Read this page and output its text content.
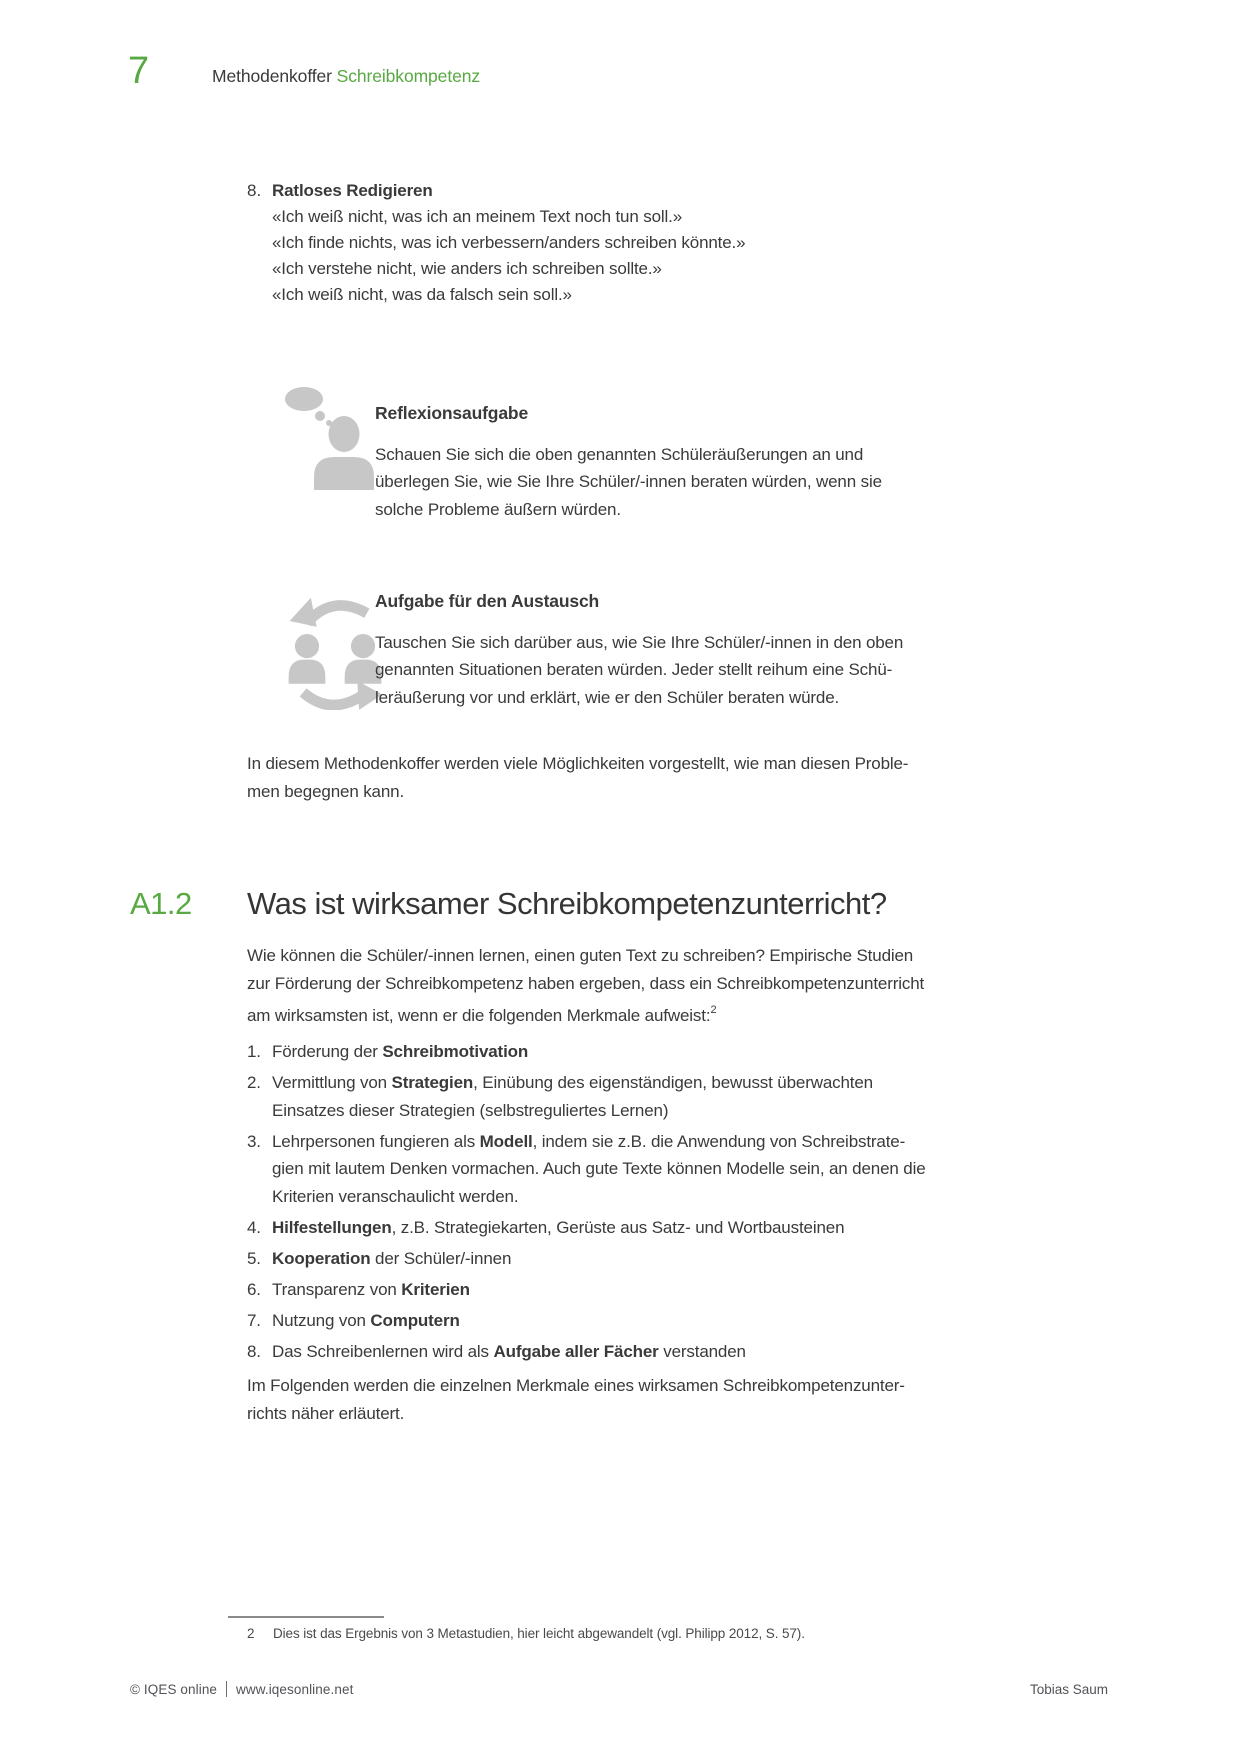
7	Methodenkoffer Schreibkompetenz
8. Ratloses Redigieren
«Ich weiß nicht, was ich an meinem Text noch tun soll.»
«Ich finde nichts, was ich verbessern/anders schreiben könnte.»
«Ich verstehe nicht, wie anders ich schreiben sollte.»
«Ich weiß nicht, was da falsch sein soll.»
Reflexionsaufgabe
Schauen Sie sich die oben genannten Schüleräußerungen an und
überlegen Sie, wie Sie Ihre Schüler/-innen beraten würden, wenn sie
solche Probleme äußern würden.
Aufgabe für den Austausch
Tauschen Sie sich darüber aus, wie Sie Ihre Schüler/-innen in den oben
genannten Situationen beraten würden. Jeder stellt reihum eine Schü-
leräußerung vor und erklärt, wie er den Schüler beraten würde.
In diesem Methodenkoffer werden viele Möglichkeiten vorgestellt, wie man diesen Proble-
men begegnen kann.
A1.2 Was ist wirksamer Schreibkompetenzunterricht?
Wie können die Schüler/-innen lernen, einen guten Text zu schreiben? Empirische Studien
zur Förderung der Schreibkompetenz haben ergeben, dass ein Schreibkompetenzunterricht
am wirksamsten ist, wenn er die folgenden Merkmale aufweist:$^2$
1. Förderung der Schreibmotivation
2. Vermittlung von Strategien, Einübung des eigenständigen, bewusst überwachten
Einsatzes dieser Strategien (selbstreguliertes Lernen)
3. Lehrpersonen fungieren als Modell, indem sie z.B. die Anwendung von Schreibstrate-
gien mit lautem Denken vormachen. Auch gute Texte können Modelle sein, an denen die
Kriterien veranschaulicht werden.
4. Hilfestellungen, z.B. Strategiekarten, Gerüste aus Satz- und Wortbausteinen
5. Kooperation der Schüler/-innen
6. Transparenz von Kriterien
7. Nutzung von Computern
8. Das Schreibenlernen wird als Aufgabe aller Fächer verstanden
Im Folgenden werden die einzelnen Merkmale eines wirksamen Schreibkompetenzunter-
richts näher erläutert.
2	Dies ist das Ergebnis von 3 Metastudien, hier leicht abgewandelt (vgl. Philipp 2012, S. 57).
© IQES online www.iqesonline.net	Tobias Saum
